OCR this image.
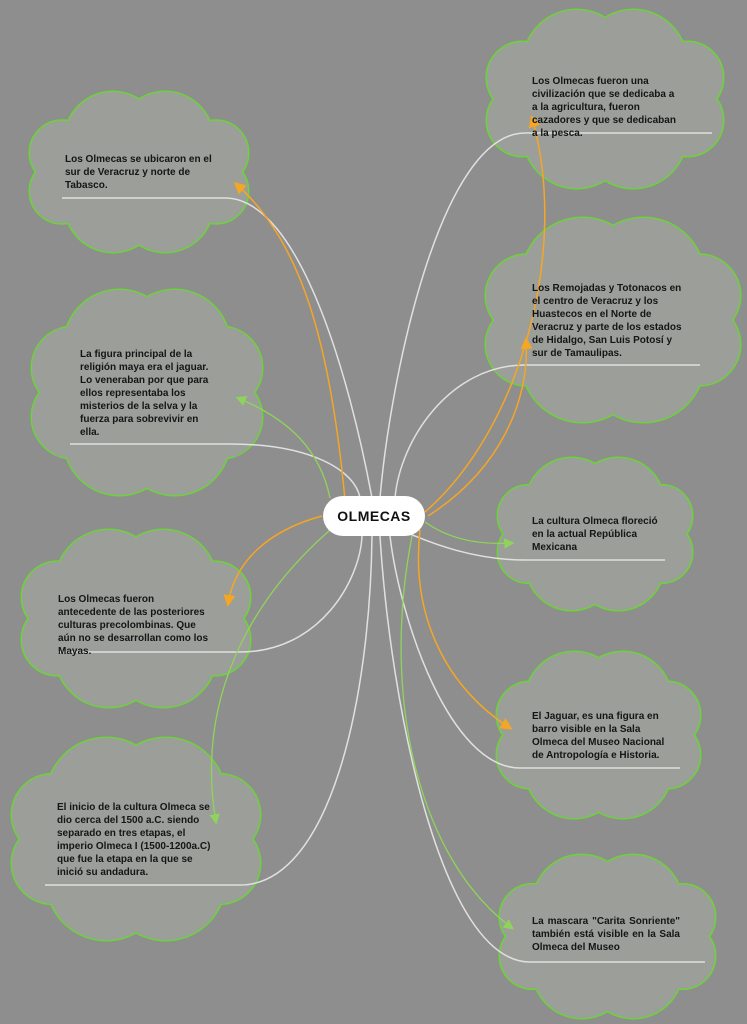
OLMECAS
Los Olmecas se ubicaron en el sur de Veracruz y norte de Tabasco.
La figura principal de la religión maya era el jaguar. Lo veneraban por que para ellos representaba los misterios de la selva y la fuerza para sobrevivir en ella.
Los Olmecas fueron antecedente de las posteriores culturas precolombinas. Que aún no se desarrollan como los Mayas.
El inicio de la cultura Olmeca se dio cerca del 1500 a.C. siendo separado en tres etapas, el imperio Olmeca I (1500-1200a.C) que fue la etapa en la que se inició su andadura.
Los Olmecas fueron una civilización que se dedicaba a a la agricultura, fueron cazadores y que se dedicaban a la pesca.
Los Remojadas y Totonacos en el centro de Veracruz y los Huastecos en el Norte de Veracruz y parte de los estados de Hidalgo, San Luis Potosí y sur de Tamaulipas.
La cultura Olmeca floreció en la actual República Mexicana
El Jaguar, es una figura en barro visible en la Sala Olmeca del Museo Nacional de Antropología e Historia.
La mascara "Carita Sonriente" también está visible en la Sala Olmeca del Museo
